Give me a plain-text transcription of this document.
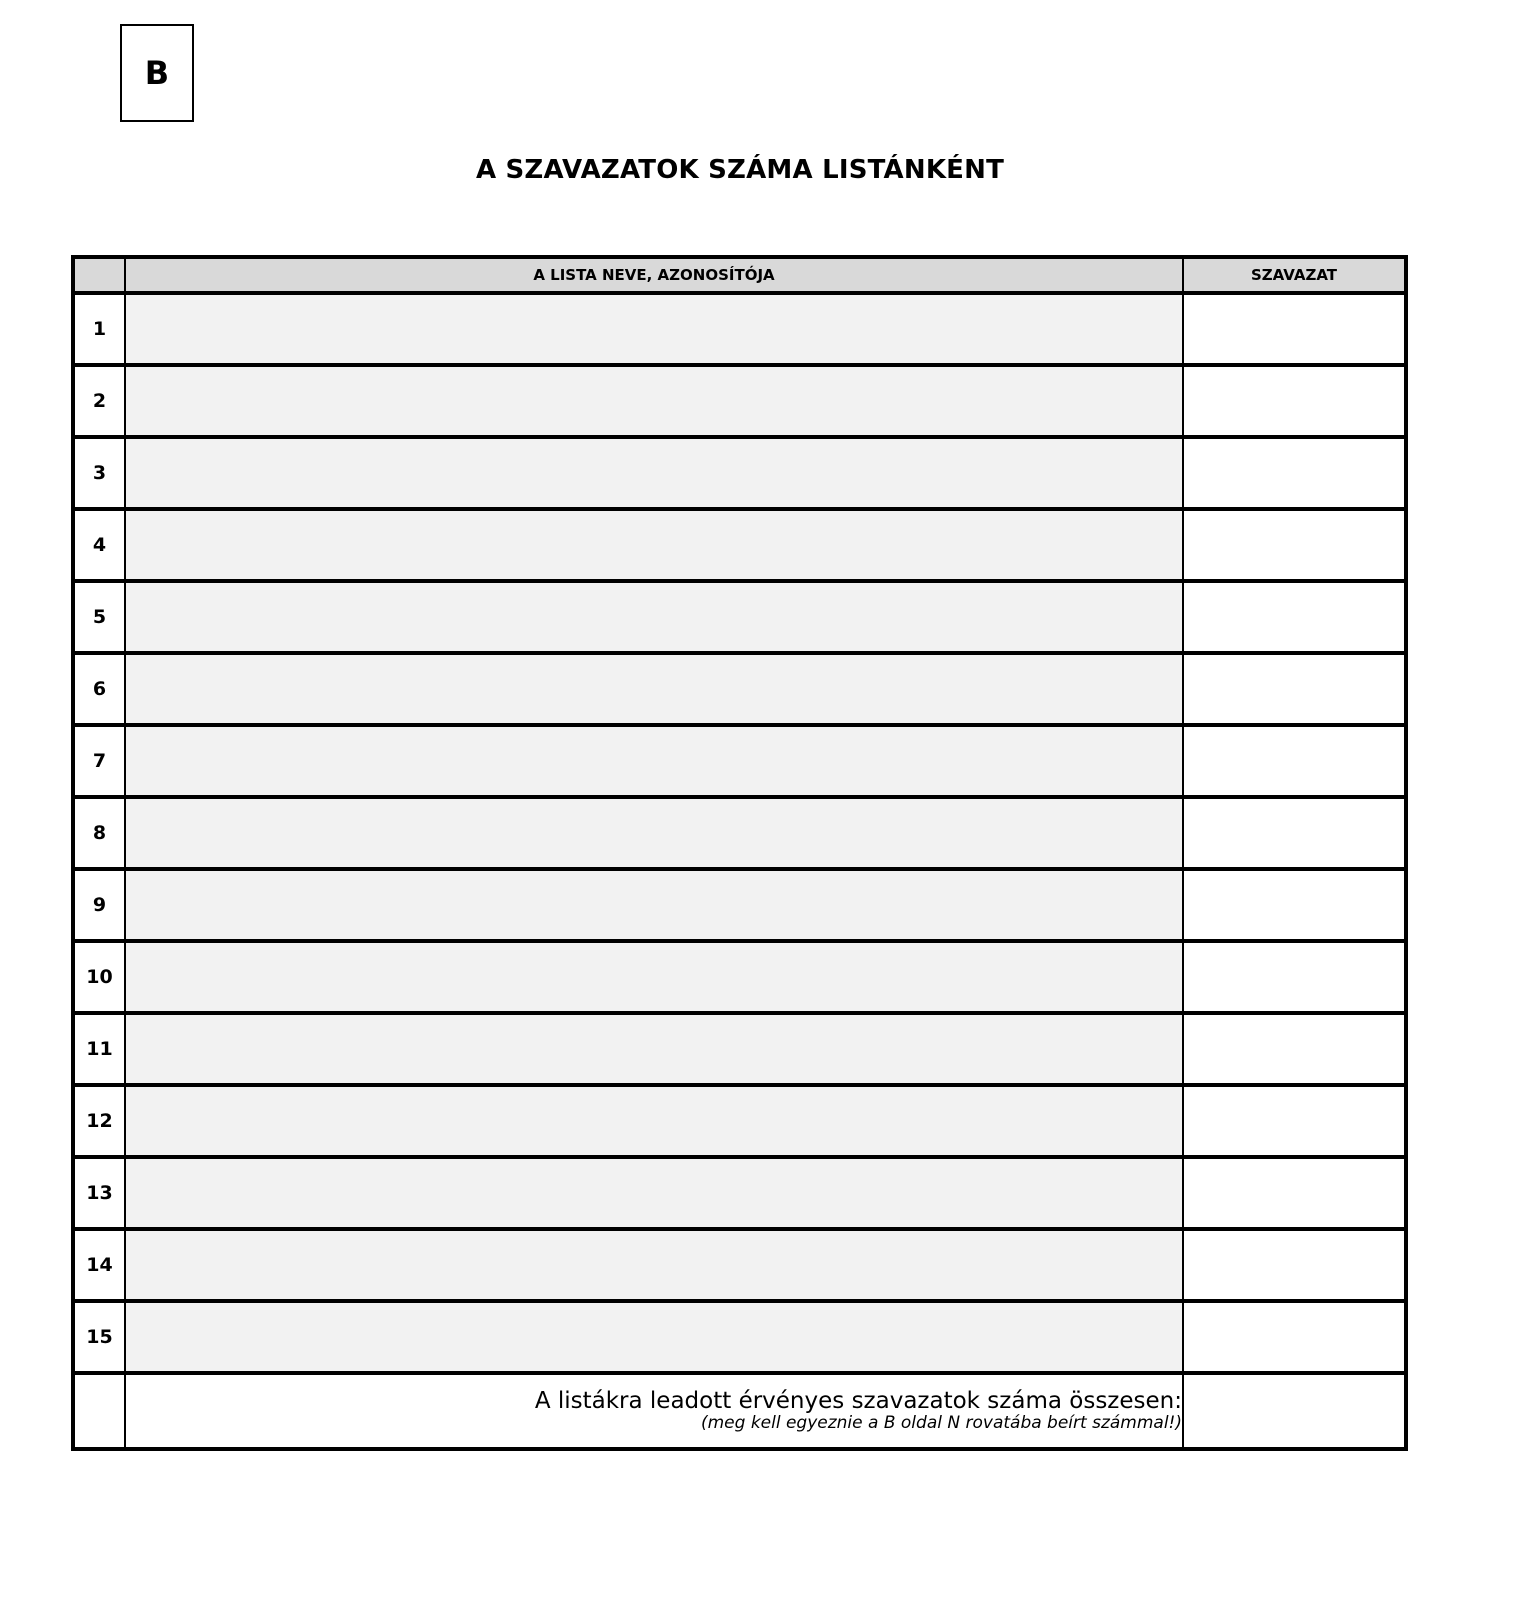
B
A SZAVAZATOK SZÁMA LISTÁNKÉNT
	A LISTA NEVE, AZONOSÍTÓJA	SZAVAZAT
1		
2		
3		
4		
5		
6		
7		
8		
9		
10		
11		
12		
13		
14		
15		

	A listákra leadott érvényes szavazatok száma összesen:
(meg kell egyeznie a B oldal N rovatába beírt számmal!)	
